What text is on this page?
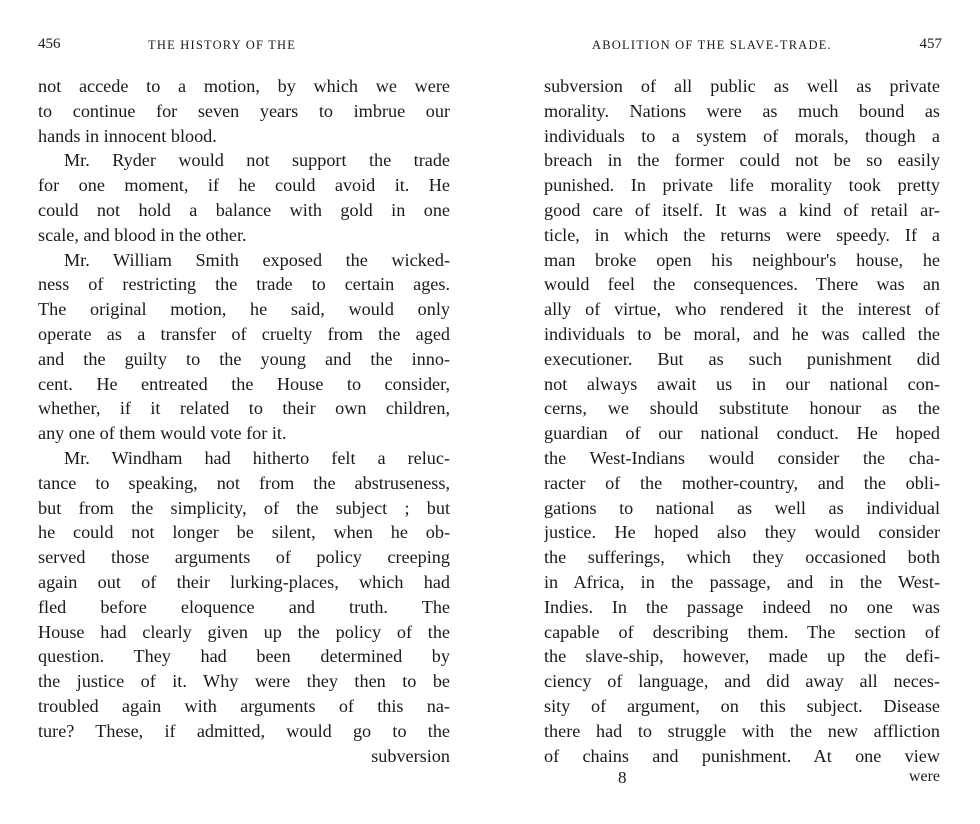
456	THE HISTORY OF THE
not accede to a motion, by which we were
to continue for seven years to imbrue our
hands in innocent blood.
Mr. Ryder would not support the trade
for one moment, if he could avoid it. He
could not hold a balance with gold in one
scale, and blood in the other.
Mr. William Smith exposed the wicked-
ness of restricting the trade to certain ages.
The original motion, he said, would only
operate as a transfer of cruelty from the aged
and the guilty to the young and the inno-
cent. He entreated the House to consider,
whether, if it related to their own children,
any one of them would vote for it.
Mr. Windham had hitherto felt a reluc-
tance to speaking, not from the abstruseness,
but from the simplicity, of the subject ; but
he could not longer be silent, when he ob-
served those arguments of policy creeping
again out of their lurking-places, which had
fled before eloquence and truth. The
House had clearly given up the policy of the
question. They had been determined by
the justice of it. Why were they then to be
troubled again with arguments of this na-
ture? These, if admitted, would go to the
subversion
ABOLITION OF THE SLAVE-TRADE.	457
subversion of all public as well as private
morality. Nations were as much bound as
individuals to a system of morals, though a
breach in the former could not be so easily
punished. In private life morality took pretty
good care of itself. It was a kind of retail ar-
ticle, in which the returns were speedy. If a
man broke open his neighbour's house, he
would feel the consequences. There was an
ally of virtue, who rendered it the interest of
individuals to be moral, and he was called the
executioner. But as such punishment did
not always await us in our national con-
cerns, we should substitute honour as the
guardian of our national conduct. He hoped
the West-Indians would consider the cha-
racter of the mother-country, and the obli-
gations to national as well as individual
justice. He hoped also they would consider
the sufferings, which they occasioned both
in Africa, in the passage, and in the West-
Indies. In the passage indeed no one was
capable of describing them. The section of
the slave-ship, however, made up the defi-
ciency of language, and did away all neces-
sity of argument, on this subject. Disease
there had to struggle with the new affliction
of chains and punishment. At one view
8	were
